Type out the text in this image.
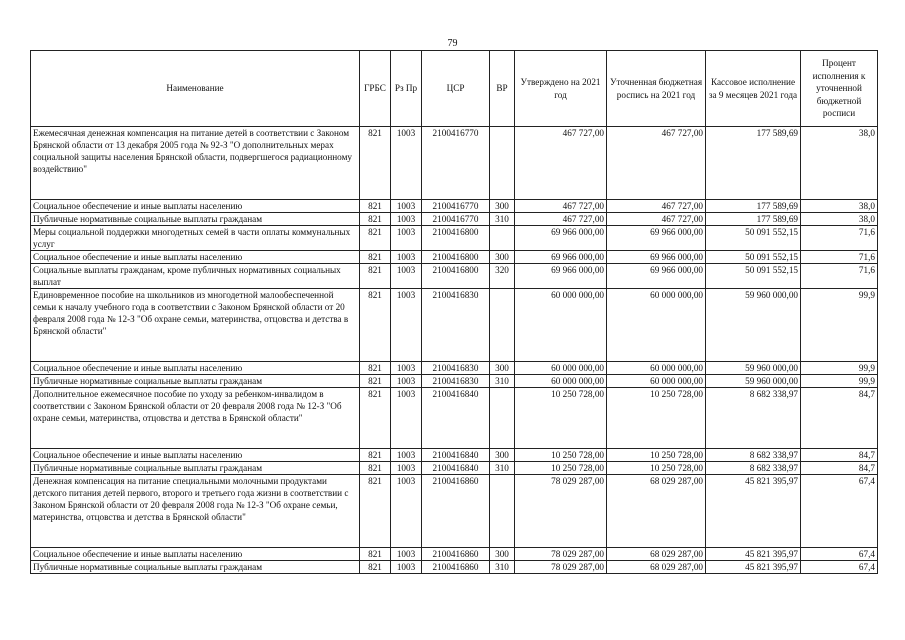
79
Наименование	ГРБС	Рз Пр	ЦСР	ВР	Утверждено на 2021 год	Уточненная бюджетная роспись на 2021 год	Кассовое исполнение за 9 месяцев 2021 года	Процент исполнения к уточненной бюджетной росписи
Ежемесячная денежная компенсация на питание детей в соответствии с Законом Брянской области от 13 декабря 2005 года № 92-З "О дополнительных мерах социальной защиты населения Брянской области, подвергшегося радиационному воздействию"	821	1003	2100416770		467 727,00	467 727,00	177 589,69	38,0
Социальное обеспечение и иные выплаты населению	821	1003	2100416770	300	467 727,00	467 727,00	177 589,69	38,0
Публичные нормативные социальные выплаты гражданам	821	1003	2100416770	310	467 727,00	467 727,00	177 589,69	38,0
Меры социальной поддержки многодетных семей в части оплаты коммунальных услуг	821	1003	2100416800		69 966 000,00	69 966 000,00	50 091 552,15	71,6
Социальное обеспечение и иные выплаты населению	821	1003	2100416800	300	69 966 000,00	69 966 000,00	50 091 552,15	71,6
Социальные выплаты гражданам, кроме публичных нормативных социальных выплат	821	1003	2100416800	320	69 966 000,00	69 966 000,00	50 091 552,15	71,6
Единовременное пособие на школьников из многодетной малообеспеченной семьи к началу учебного года в соответствии с Законом Брянской области от 20 февраля 2008 года № 12-З "Об охране семьи, материнства, отцовства и детства в Брянской области"	821	1003	2100416830		60 000 000,00	60 000 000,00	59 960 000,00	99,9
Социальное обеспечение и иные выплаты населению	821	1003	2100416830	300	60 000 000,00	60 000 000,00	59 960 000,00	99,9
Публичные нормативные социальные выплаты гражданам	821	1003	2100416830	310	60 000 000,00	60 000 000,00	59 960 000,00	99,9
Дополнительное ежемесячное пособие по уходу за ребенком-инвалидом в соответствии с Законом Брянской области от 20 февраля 2008 года № 12-З "Об охране семьи, материнства, отцовства и детства в Брянской области"	821	1003	2100416840		10 250 728,00	10 250 728,00	8 682 338,97	84,7
Социальное обеспечение и иные выплаты населению	821	1003	2100416840	300	10 250 728,00	10 250 728,00	8 682 338,97	84,7
Публичные нормативные социальные выплаты гражданам	821	1003	2100416840	310	10 250 728,00	10 250 728,00	8 682 338,97	84,7
Денежная компенсация на питание специальными молочными продуктами детского питания детей первого, второго и третьего года жизни в соответствии с Законом Брянской области от 20 февраля 2008 года № 12-З "Об охране семьи, материнства, отцовства и детства в Брянской области"	821	1003	2100416860		78 029 287,00	68 029 287,00	45 821 395,97	67,4
Социальное обеспечение и иные выплаты населению	821	1003	2100416860	300	78 029 287,00	68 029 287,00	45 821 395,97	67,4
Публичные нормативные социальные выплаты гражданам	821	1003	2100416860	310	78 029 287,00	68 029 287,00	45 821 395,97	67,4
